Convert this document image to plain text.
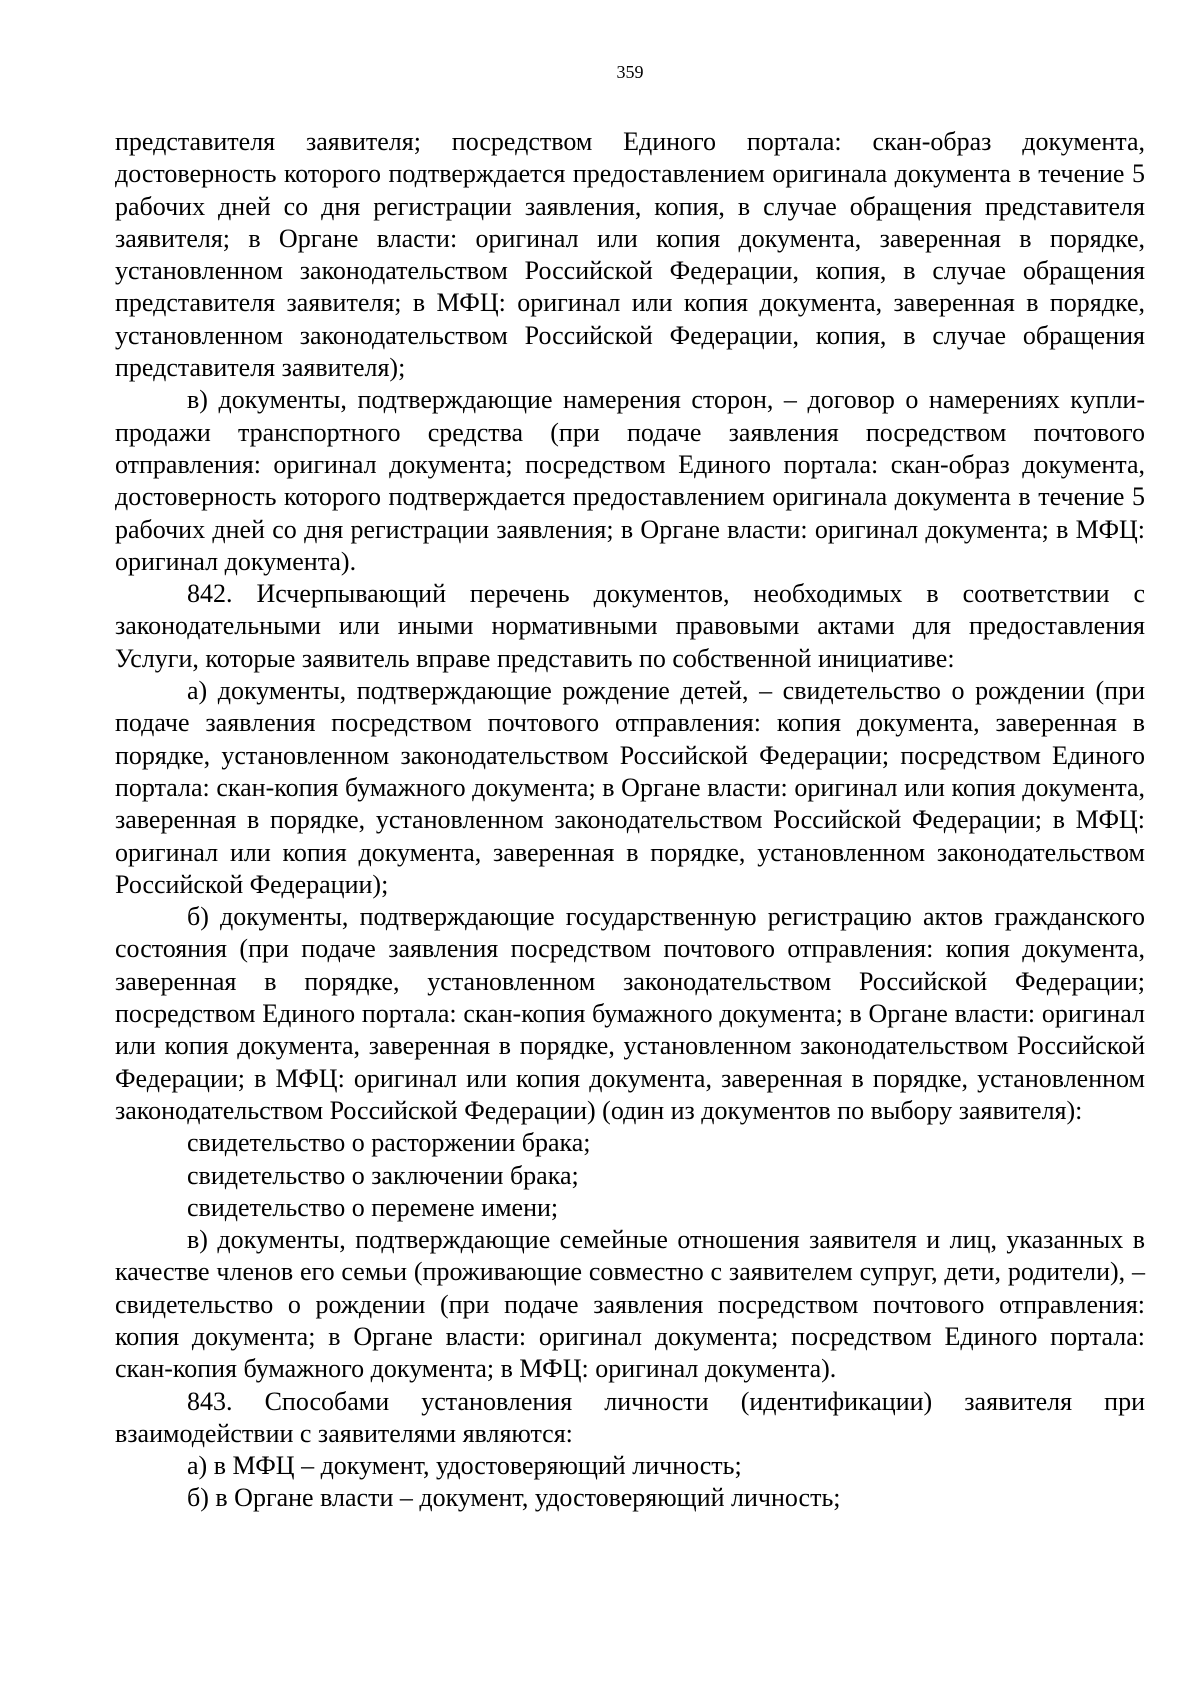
359

представителя заявителя; посредством Единого портала: скан-образ документа, достоверность которого подтверждается предоставлением оригинала документа в течение 5 рабочих дней со дня регистрации заявления, копия, в случае обращения представителя заявителя; в Органе власти: оригинал или копия документа, заверенная в порядке, установленном законодательством Российской Федерации, копия, в случае обращения представителя заявителя; в МФЦ: оригинал или копия документа, заверенная в порядке, установленном законодательством Российской Федерации, копия, в случае обращения представителя заявителя);

в) документы, подтверждающие намерения сторон, – договор о намерениях купли-продажи транспортного средства (при подаче заявления посредством почтового отправления: оригинал документа; посредством Единого портала: скан-образ документа, достоверность которого подтверждается предоставлением оригинала документа в течение 5 рабочих дней со дня регистрации заявления; в Органе власти: оригинал документа; в МФЦ: оригинал документа).

842. Исчерпывающий перечень документов, необходимых в соответствии с законодательными или иными нормативными правовыми актами для предоставления Услуги, которые заявитель вправе представить по собственной инициативе:

а) документы, подтверждающие рождение детей, – свидетельство о рождении (при подаче заявления посредством почтового отправления: копия документа, заверенная в порядке, установленном законодательством Российской Федерации; посредством Единого портала: скан-копия бумажного документа; в Органе власти: оригинал или копия документа, заверенная в порядке, установленном законодательством Российской Федерации; в МФЦ: оригинал или копия документа, заверенная в порядке, установленном законодательством Российской Федерации);

б) документы, подтверждающие государственную регистрацию актов гражданского состояния (при подаче заявления посредством почтового отправления: копия документа, заверенная в порядке, установленном законодательством Российской Федерации; посредством Единого портала: скан-копия бумажного документа; в Органе власти: оригинал или копия документа, заверенная в порядке, установленном законодательством Российской Федерации; в МФЦ: оригинал или копия документа, заверенная в порядке, установленном законодательством Российской Федерации) (один из документов по выбору заявителя):

свидетельство о расторжении брака;

свидетельство о заключении брака;

свидетельство о перемене имени;

в) документы, подтверждающие семейные отношения заявителя и лиц, указанных в качестве членов его семьи (проживающие совместно с заявителем супруг, дети, родители), – свидетельство о рождении (при подаче заявления посредством почтового отправления: копия документа; в Органе власти: оригинал документа; посредством Единого портала: скан-копия бумажного документа; в МФЦ: оригинал документа).

843. Способами установления личности (идентификации) заявителя при взаимодействии с заявителями являются:

а) в МФЦ – документ, удостоверяющий личность;

б) в Органе власти – документ, удостоверяющий личность;
